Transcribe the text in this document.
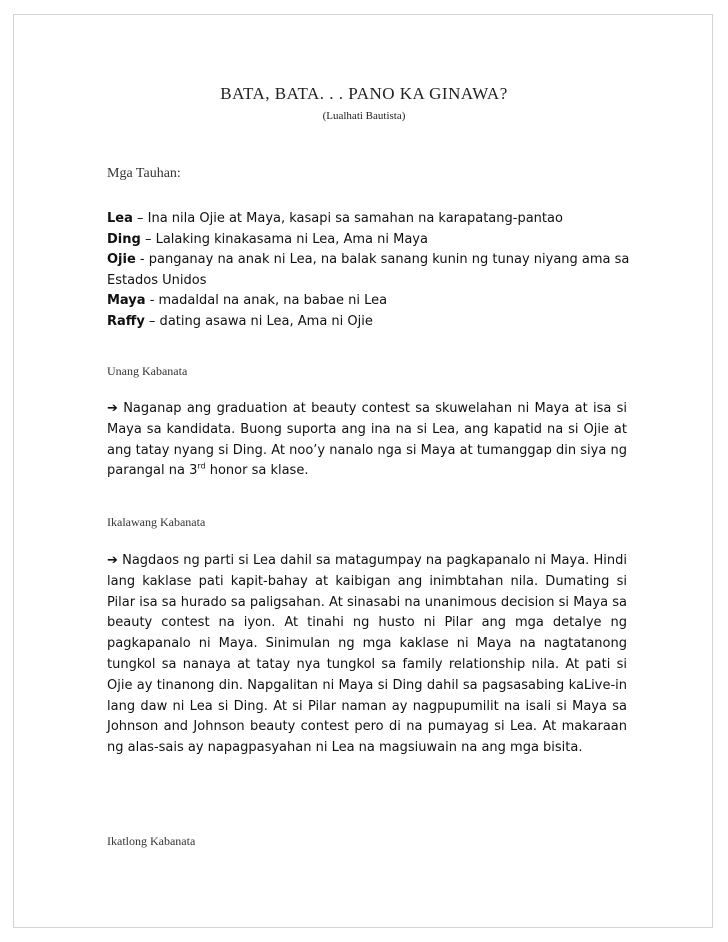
BATA, BATA. . . PANO KA GINAWA?
(Lualhati Bautista)
Mga Tauhan:
Lea – Ina nila Ojie at Maya, kasapi sa samahan na karapatang-pantao
Ding – Lalaking kinakasama ni Lea, Ama ni Maya
Ojie - panganay na anak ni Lea, na balak sanang kunin ng tunay niyang ama sa
Estados Unidos
Maya - madaldal na anak, na babae ni Lea
Raffy – dating asawa ni Lea, Ama ni Ojie
Unang Kabanata
➔ Naganap ang graduation at beauty contest sa skuwelahan ni Maya at isa si Maya sa kandidata. Buong suporta ang ina na si Lea, ang kapatid na si Ojie at ang tatay nyang si Ding. At noo’y nanalo nga si Maya at tumanggap din siya ng parangal na 3rd honor sa klase.
Ikalawang Kabanata
➔ Nagdaos ng parti si Lea dahil sa matagumpay na pagkapanalo ni Maya. Hindi lang kaklase pati kapit-bahay at kaibigan ang inimbtahan nila. Dumating si Pilar isa sa hurado sa paligsahan. At sinasabi na unanimous decision si Maya sa beauty contest na iyon. At tinahi ng husto ni Pilar ang mga detalye ng pagkapanalo ni Maya. Sinimulan ng mga kaklase ni Maya na nagtatanong tungkol sa nanaya at tatay nya tungkol sa family relationship nila. At pati si Ojie ay tinanong din. Napgalitan ni Maya si Ding dahil sa pagsasabing kaLive-in lang daw ni Lea si Ding. At si Pilar naman ay nagpupumilit na isali si Maya sa Johnson and Johnson beauty contest pero di na pumayag si Lea. At makaraan ng alas-sais ay napagpasyahan ni Lea na magsiuwain na ang mga bisita.
Ikatlong Kabanata
